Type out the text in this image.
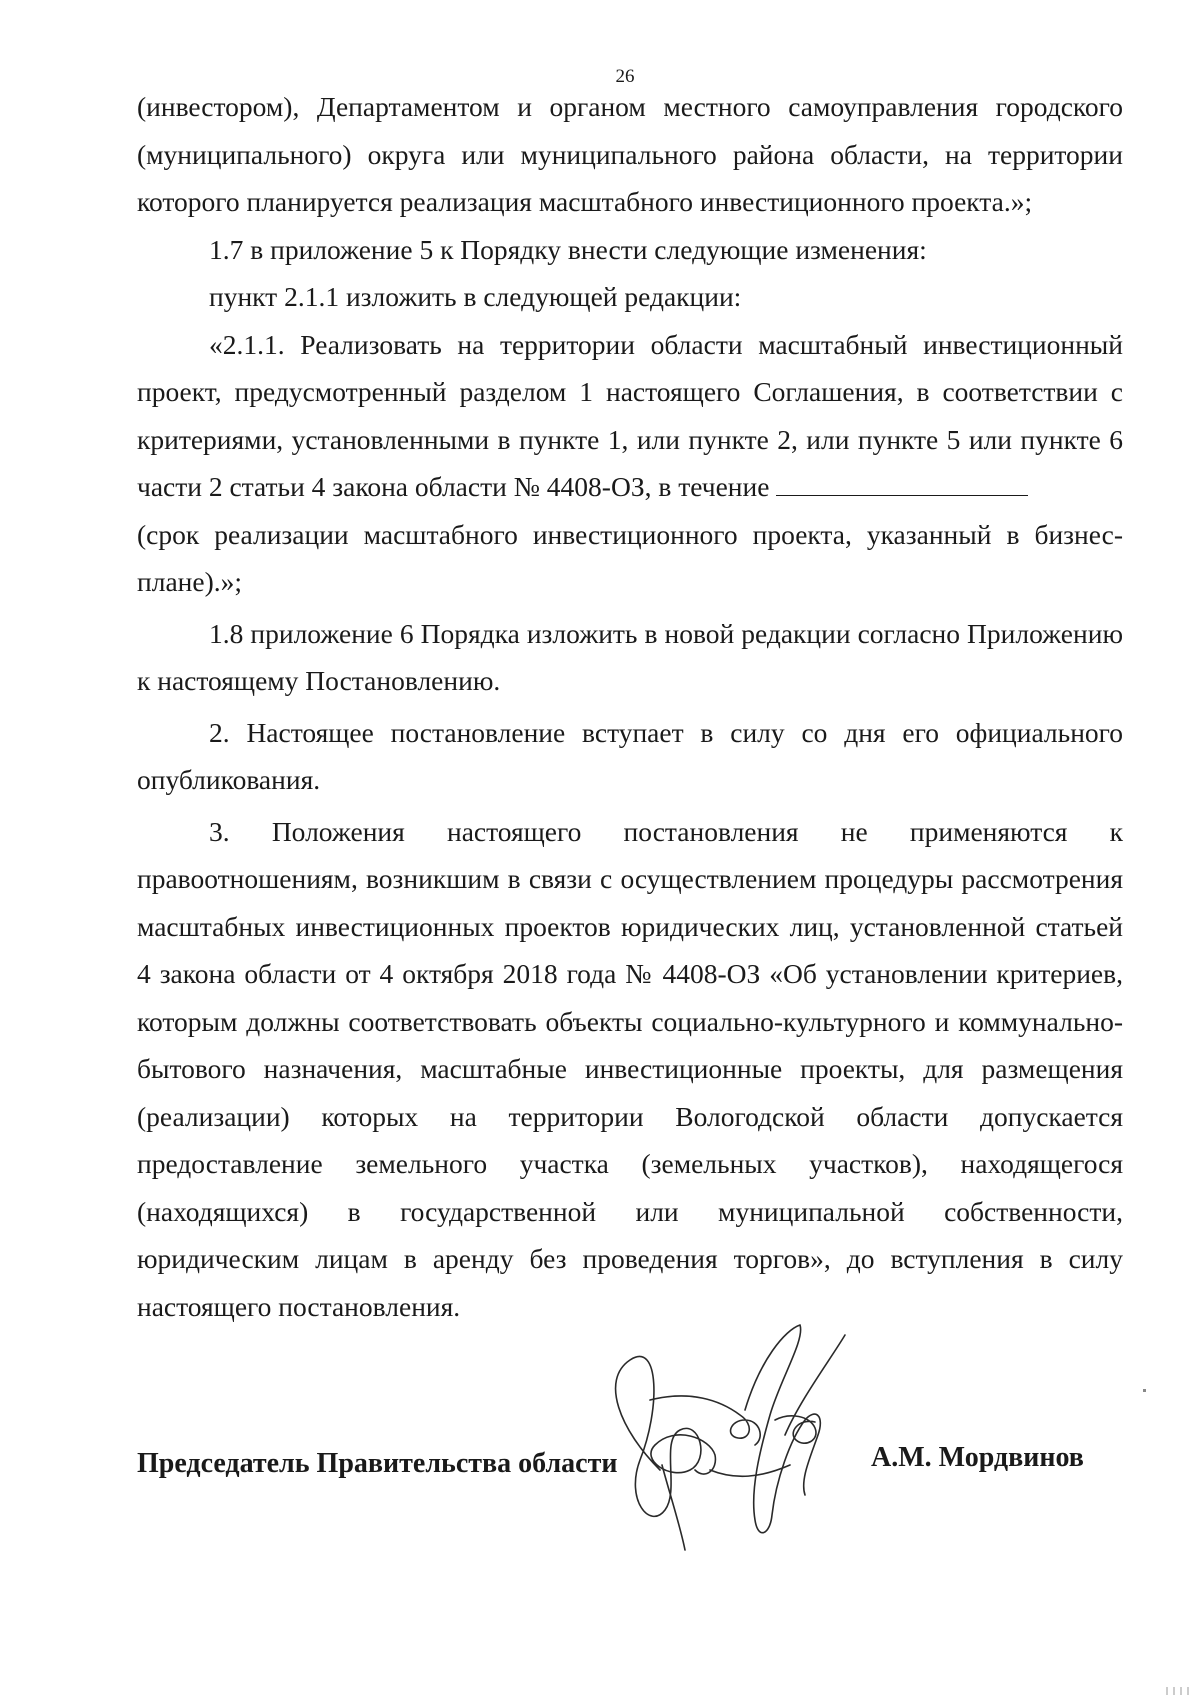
26

(инвестором), Департаментом и органом местного самоуправления городского (муниципального) округа или муниципального района области, на территории которого планируется реализация масштабного инвестиционного проекта.»;

1.7 в приложение 5 к Порядку внести следующие изменения:

пункт 2.1.1 изложить в следующей редакции:

«2.1.1. Реализовать на территории области масштабный инвестиционный проект, предусмотренный разделом 1 настоящего Соглашения, в соответствии с критериями, установленными в пункте 1, или пункте 2, или пункте 5 или пункте 6 части 2 статьи 4 закона области № 4408-ОЗ, в течение

(срок реализации масштабного инвестиционного проекта, указанный в бизнес-плане).»;

1.8 приложение 6 Порядка изложить в новой редакции согласно Приложению к настоящему Постановлению.

2. Настоящее постановление вступает в силу со дня его официального опубликования.

3. Положения настоящего постановления не применяются к правоотношениям, возникшим в связи с осуществлением процедуры рассмотрения масштабных инвестиционных проектов юридических лиц, установленной статьей 4 закона области от 4 октября 2018 года № 4408-ОЗ «Об установлении критериев, которым должны соответствовать объекты социально-культурного и коммунально-бытового назначения, масштабные инвестиционные проекты, для размещения (реализации) которых на территории Вологодской области допускается предоставление земельного участка (земельных участков), находящегося (находящихся) в государственной или муниципальной собственности, юридическим лицам в аренду без проведения торгов», до вступления в силу настоящего постановления.

Председатель Правительства области	А.М. Мордвинов
